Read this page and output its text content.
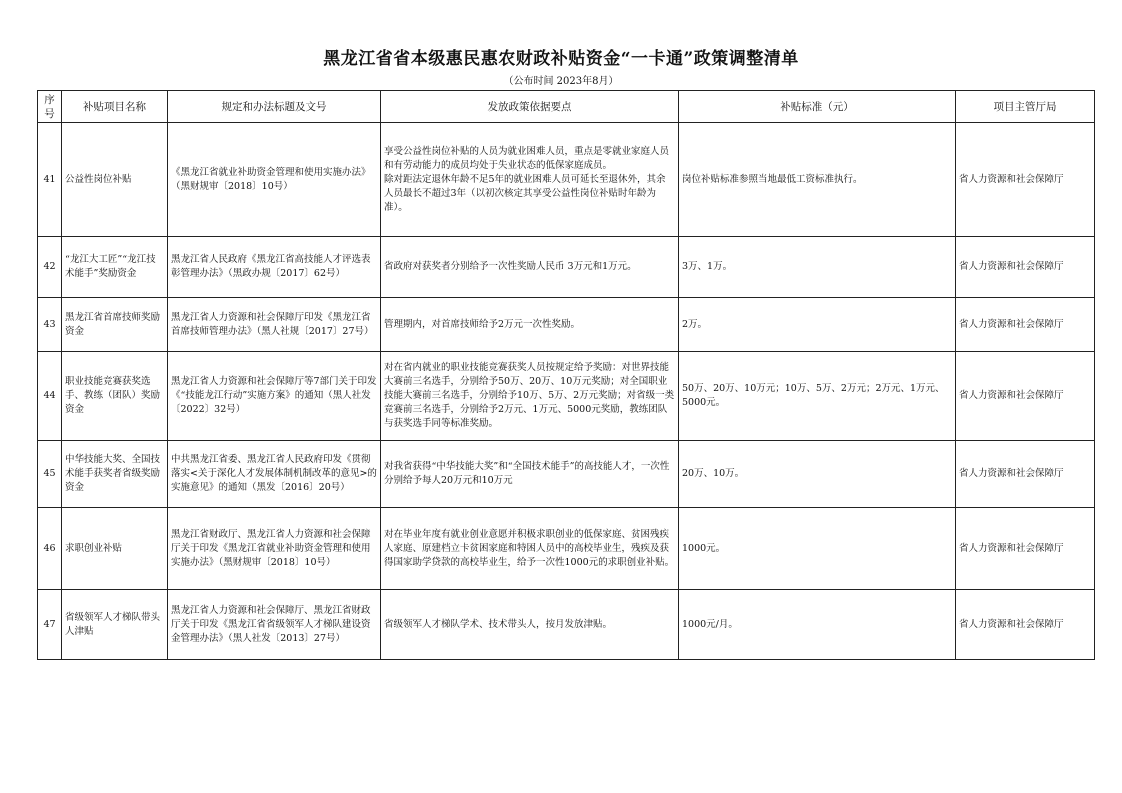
黑龙江省省本级惠民惠农财政补贴资金“一卡通”政策调整清单
（公布时间 2023年8月）
序号	补贴项目名称	规定和办法标题及文号	发放政策依据要点	补贴标准（元）	项目主管厅局
41	公益性岗位补贴	《黑龙江省就业补助资金管理和使用实施办法》（黑财规审〔2018〕10号）	享受公益性岗位补贴的人员为就业困难人员，重点是零就业家庭人员和有劳动能力的成员均处于失业状态的低保家庭成员。
除对距法定退休年龄不足5年的就业困难人员可延长至退休外，其余人员最长不超过3年（以初次核定其享受公益性岗位补贴时年龄为准）。	岗位补贴标准参照当地最低工资标准执行。	省人力资源和社会保障厅
42	“龙江大工匠”“龙江技术能手”奖励资金	黑龙江省人民政府《黑龙江省高技能人才评选表彰管理办法》（黑政办规〔2017〕62号）	省政府对获奖者分别给予一次性奖励人民币 3万元和1万元。	3万、1万。	省人力资源和社会保障厅
43	黑龙江省首席技师奖励资金	黑龙江省人力资源和社会保障厅印发《黑龙江省首席技师管理办法》（黑人社规〔2017〕27号）	管理期内，对首席技师给予2万元一次性奖励。	2万。	省人力资源和社会保障厅
44	职业技能竞赛获奖选手、教练（团队）奖励资金	黑龙江省人力资源和社会保障厅等7部门关于印发《“技能龙江行动”实施方案》的通知（黑人社发〔2022〕32号）	对在省内就业的职业技能竞赛获奖人员按规定给予奖励：对世界技能大赛前三名选手，分别给予50万、20万、10万元奖励；对全国职业技能大赛前三名选手，分别给予10万、5万、2万元奖励；对省级一类竞赛前三名选手，分别给予2万元、1万元、5000元奖励，教练团队与获奖选手同等标准奖励。	50万、20万、10万元；10万、5万、2万元；2万元、1万元、5000元。	省人力资源和社会保障厅
45	中华技能大奖、全国技术能手获奖者省级奖励资金	中共黑龙江省委、黑龙江省人民政府印发《贯彻落实<关于深化人才发展体制机制改革的意见>的实施意见》的通知（黑发〔2016〕20号）	对我省获得“中华技能大奖”和“全国技术能手”的高技能人才，一次性分别给予每人20万元和10万元	20万、10万。	省人力资源和社会保障厅
46	求职创业补贴	黑龙江省财政厅、黑龙江省人力资源和社会保障厅关于印发《黑龙江省就业补助资金管理和使用实施办法》（黑财规审〔2018〕10号）	对在毕业年度有就业创业意愿并积极求职创业的低保家庭、贫困残疾人家庭、原建档立卡贫困家庭和特困人员中的高校毕业生，残疾及获得国家助学贷款的高校毕业生，给予一次性1000元的求职创业补贴。	1000元。	省人力资源和社会保障厅
47	省级领军人才梯队带头人津贴	黑龙江省人力资源和社会保障厅、黑龙江省财政厅关于印发《黑龙江省省级领军人才梯队建设资金管理办法》（黑人社发〔2013〕27号）	省级领军人才梯队学术、技术带头人，按月发放津贴。	1000元/月。	省人力资源和社会保障厅
